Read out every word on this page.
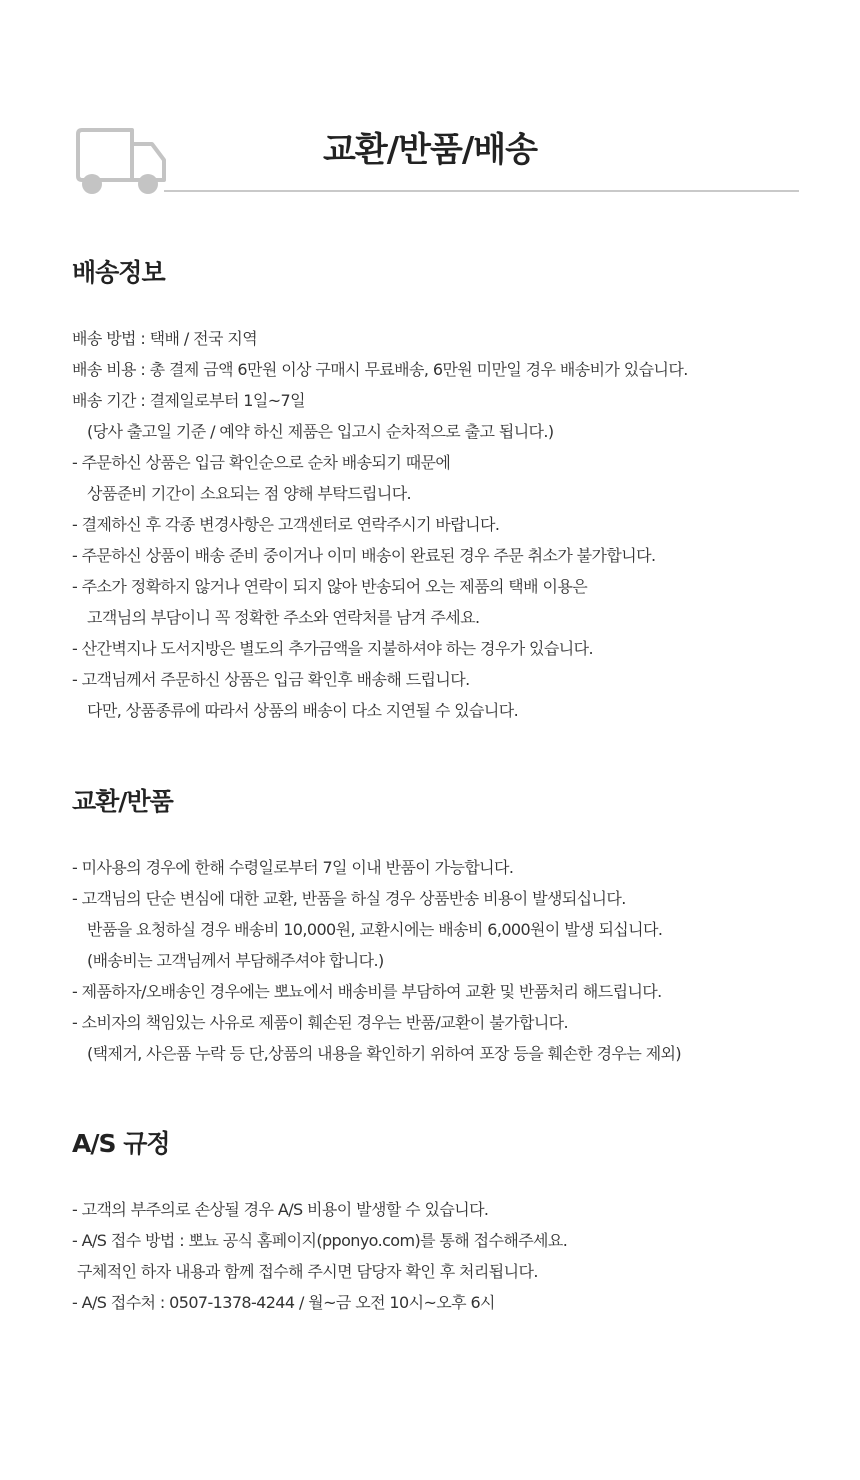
교환/반품/배송
배송정보
배송 방법 : 택배 / 전국 지역
배송 비용 : 총 결제 금액 6만원 이상 구매시 무료배송, 6만원 미만일 경우 배송비가 있습니다.
배송 기간 : 결제일로부터 1일~7일
(당사 출고일 기준 / 예약 하신 제품은 입고시 순차적으로 출고 됩니다.)
- 주문하신 상품은 입금 확인순으로 순차 배송되기 때문에
상품준비 기간이 소요되는 점 양해 부탁드립니다.
- 결제하신 후 각종 변경사항은 고객센터로 연락주시기 바랍니다.
- 주문하신 상품이 배송 준비 중이거나 이미 배송이 완료된 경우 주문 취소가 불가합니다.
- 주소가 정확하지 않거나 연락이 되지 않아 반송되어 오는 제품의 택배 이용은
고객님의 부담이니 꼭 정확한 주소와 연락처를 남겨 주세요.
- 산간벽지나 도서지방은 별도의 추가금액을 지불하셔야 하는 경우가 있습니다.
- 고객님께서 주문하신 상품은 입금 확인후 배송해 드립니다.
다만, 상품종류에 따라서 상품의 배송이 다소 지연될 수 있습니다.
교환/반품
- 미사용의 경우에 한해 수령일로부터 7일 이내 반품이 가능합니다.
- 고객님의 단순 변심에 대한 교환, 반품을 하실 경우 상품반송 비용이 발생되십니다.
반품을 요청하실 경우 배송비 10,000원, 교환시에는 배송비 6,000원이 발생 되십니다.
(배송비는 고객님께서 부담해주셔야 합니다.)
- 제품하자/오배송인 경우에는 뽀뇨에서 배송비를 부담하여 교환 및 반품처리 해드립니다.
- 소비자의 책임있는 사유로 제품이 훼손된 경우는 반품/교환이 불가합니다.
(택제거, 사은품 누락 등 단,상품의 내용을 확인하기 위하여 포장 등을 훼손한 경우는 제외)
A/S 규정
- 고객의 부주의로 손상될 경우 A/S 비용이 발생할 수 있습니다.
- A/S 접수 방법 : 뽀뇨 공식 홈페이지(pponyo.com)를 통해 접수해주세요.
구체적인 하자 내용과 함께 접수해 주시면 담당자 확인 후 처리됩니다.
- A/S 접수처 : 0507-1378-4244 / 월~금 오전 10시~오후 6시
